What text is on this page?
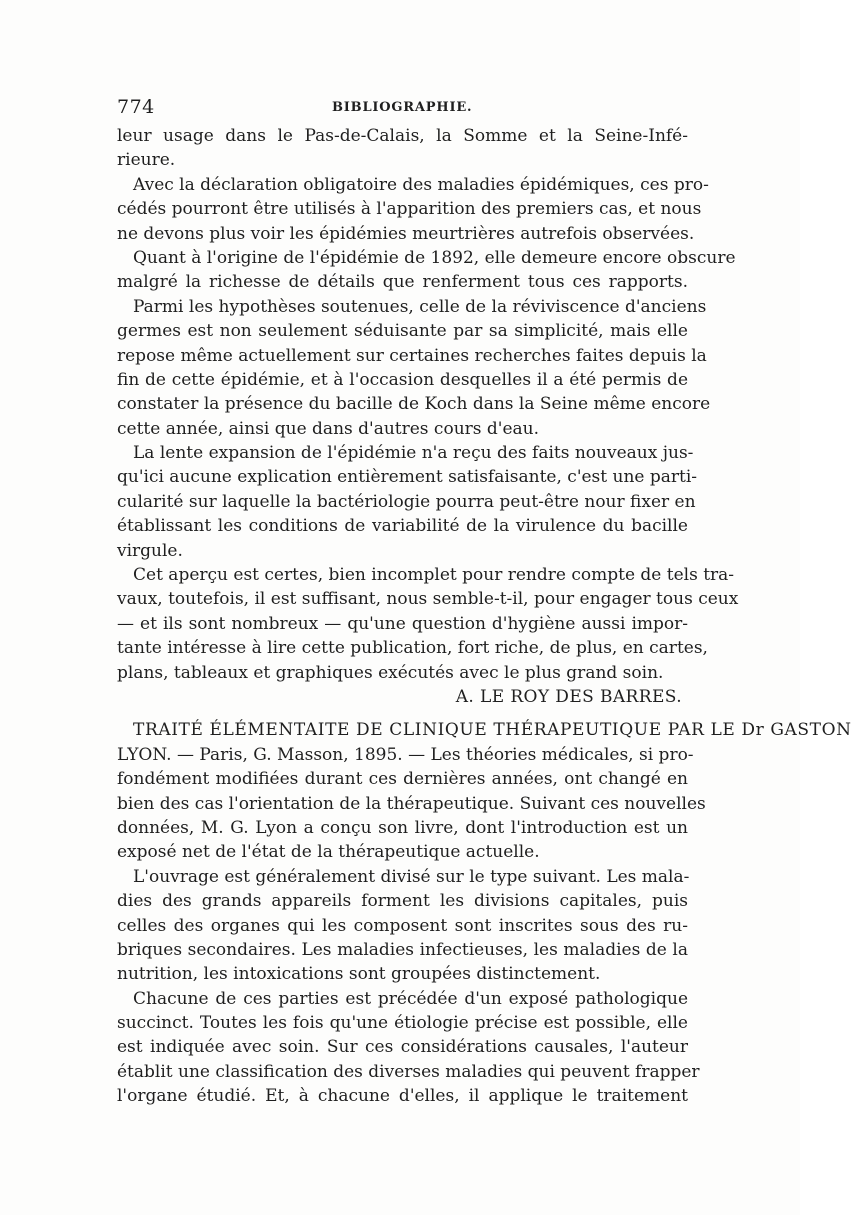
774	BIBLIOGRAPHIE.
leur usage dans le Pas-de-Calais, la Somme et la Seine-Infé-
rieure.
Avec la déclaration obligatoire des maladies épidémiques, ces pro-
cédés pourront être utilisés à l'apparition des premiers cas, et nous
ne devons plus voir les épidémies meurtrières autrefois observées.
Quant à l'origine de l'épidémie de 1892, elle demeure encore obscure
malgré la richesse de détails que renferment tous ces rapports.
Parmi les hypothèses soutenues, celle de la réviviscence d'anciens
germes est non seulement séduisante par sa simplicité, mais elle
repose même actuellement sur certaines recherches faites depuis la
fin de cette épidémie, et à l'occasion desquelles il a été permis de
constater la présence du bacille de Koch dans la Seine même encore
cette année, ainsi que dans d'autres cours d'eau.
La lente expansion de l'épidémie n'a reçu des faits nouveaux jus-
qu'ici aucune explication entièrement satisfaisante, c'est une parti-
cularité sur laquelle la bactériologie pourra peut-être nour fixer en
établissant les conditions de variabilité de la virulence du bacille
virgule.
Cet aperçu est certes, bien incomplet pour rendre compte de tels tra-
vaux, toutefois, il est suffisant, nous semble-t-il, pour engager tous ceux
— et ils sont nombreux — qu'une question d'hygiène aussi impor-
tante intéresse à lire cette publication, fort riche, de plus, en cartes,
plans, tableaux et graphiques exécutés avec le plus grand soin.
A. LE ROY DES BARRES.
TRAITÉ ÉLÉMENTAITE DE CLINIQUE THÉRAPEUTIQUE PAR LE Dr GASTON
LYON. — Paris, G. Masson, 1895. — Les théories médicales, si pro-
fondément modifiées durant ces dernières années, ont changé en
bien des cas l'orientation de la thérapeutique. Suivant ces nouvelles
données, M. G. Lyon a conçu son livre, dont l'introduction est un
exposé net de l'état de la thérapeutique actuelle.
L'ouvrage est généralement divisé sur le type suivant. Les mala-
dies des grands appareils forment les divisions capitales, puis
celles des organes qui les composent sont inscrites sous des ru-
briques secondaires. Les maladies infectieuses, les maladies de la
nutrition, les intoxications sont groupées distinctement.
Chacune de ces parties est précédée d'un exposé pathologique
succinct. Toutes les fois qu'une étiologie précise est possible, elle
est indiquée avec soin. Sur ces considérations causales, l'auteur
établit une classification des diverses maladies qui peuvent frapper
l'organe étudié. Et, à chacune d'elles, il applique le traitement
